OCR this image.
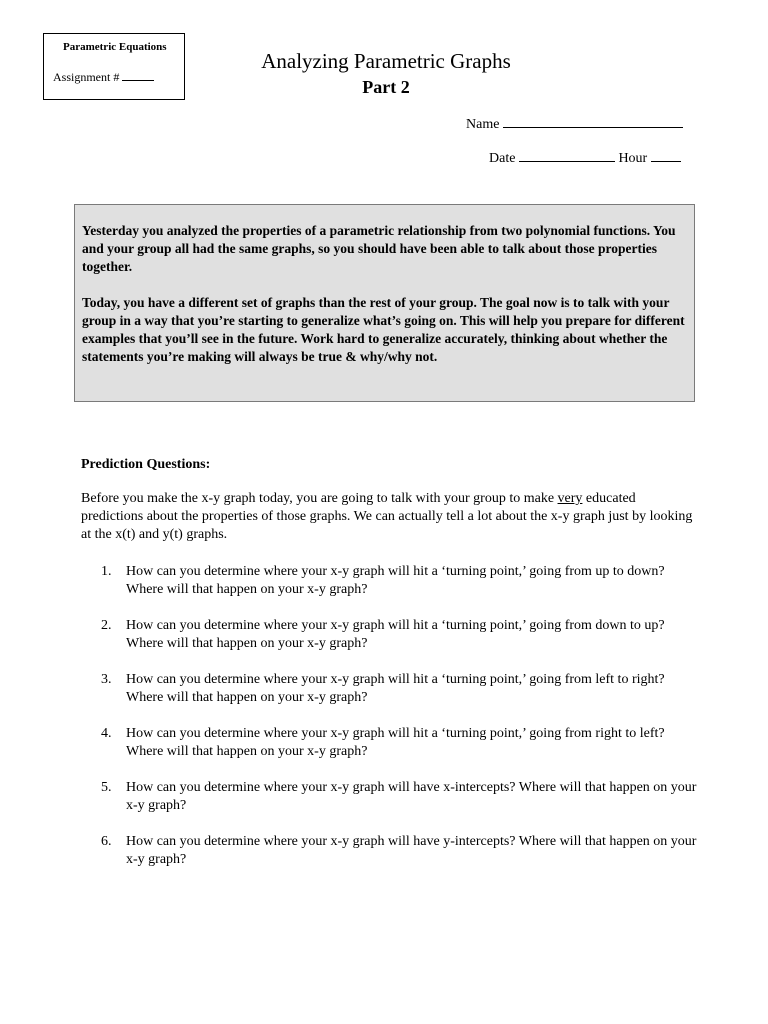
Parametric Equations
Assignment #
Analyzing Parametric Graphs
Part 2
Name
Date	Hour

Yesterday you analyzed the properties of a parametric relationship from two polynomial functions. You and your group all had the same graphs, so you should have been able to talk about those properties together.

Today, you have a different set of graphs than the rest of your group. The goal now is to talk with your group in a way that you’re starting to generalize what’s going on. This will help you prepare for different examples that you’ll see in the future. Work hard to generalize accurately, thinking about whether the statements you’re making will always be true & why/why not.

Prediction Questions:

Before you make the x-y graph today, you are going to talk with your group to make very educated predictions about the properties of those graphs. We can actually tell a lot about the x-y graph just by looking at the x(t) and y(t) graphs.

1. How can you determine where your x-y graph will hit a ‘turning point,’ going from up to down? Where will that happen on your x-y graph?
2. How can you determine where your x-y graph will hit a ‘turning point,’ going from down to up? Where will that happen on your x-y graph?
3. How can you determine where your x-y graph will hit a ‘turning point,’ going from left to right? Where will that happen on your x-y graph?
4. How can you determine where your x-y graph will hit a ‘turning point,’ going from right to left? Where will that happen on your x-y graph?
5. How can you determine where your x-y graph will have x-intercepts? Where will that happen on your x-y graph?
6. How can you determine where your x-y graph will have y-intercepts? Where will that happen on your x-y graph?
